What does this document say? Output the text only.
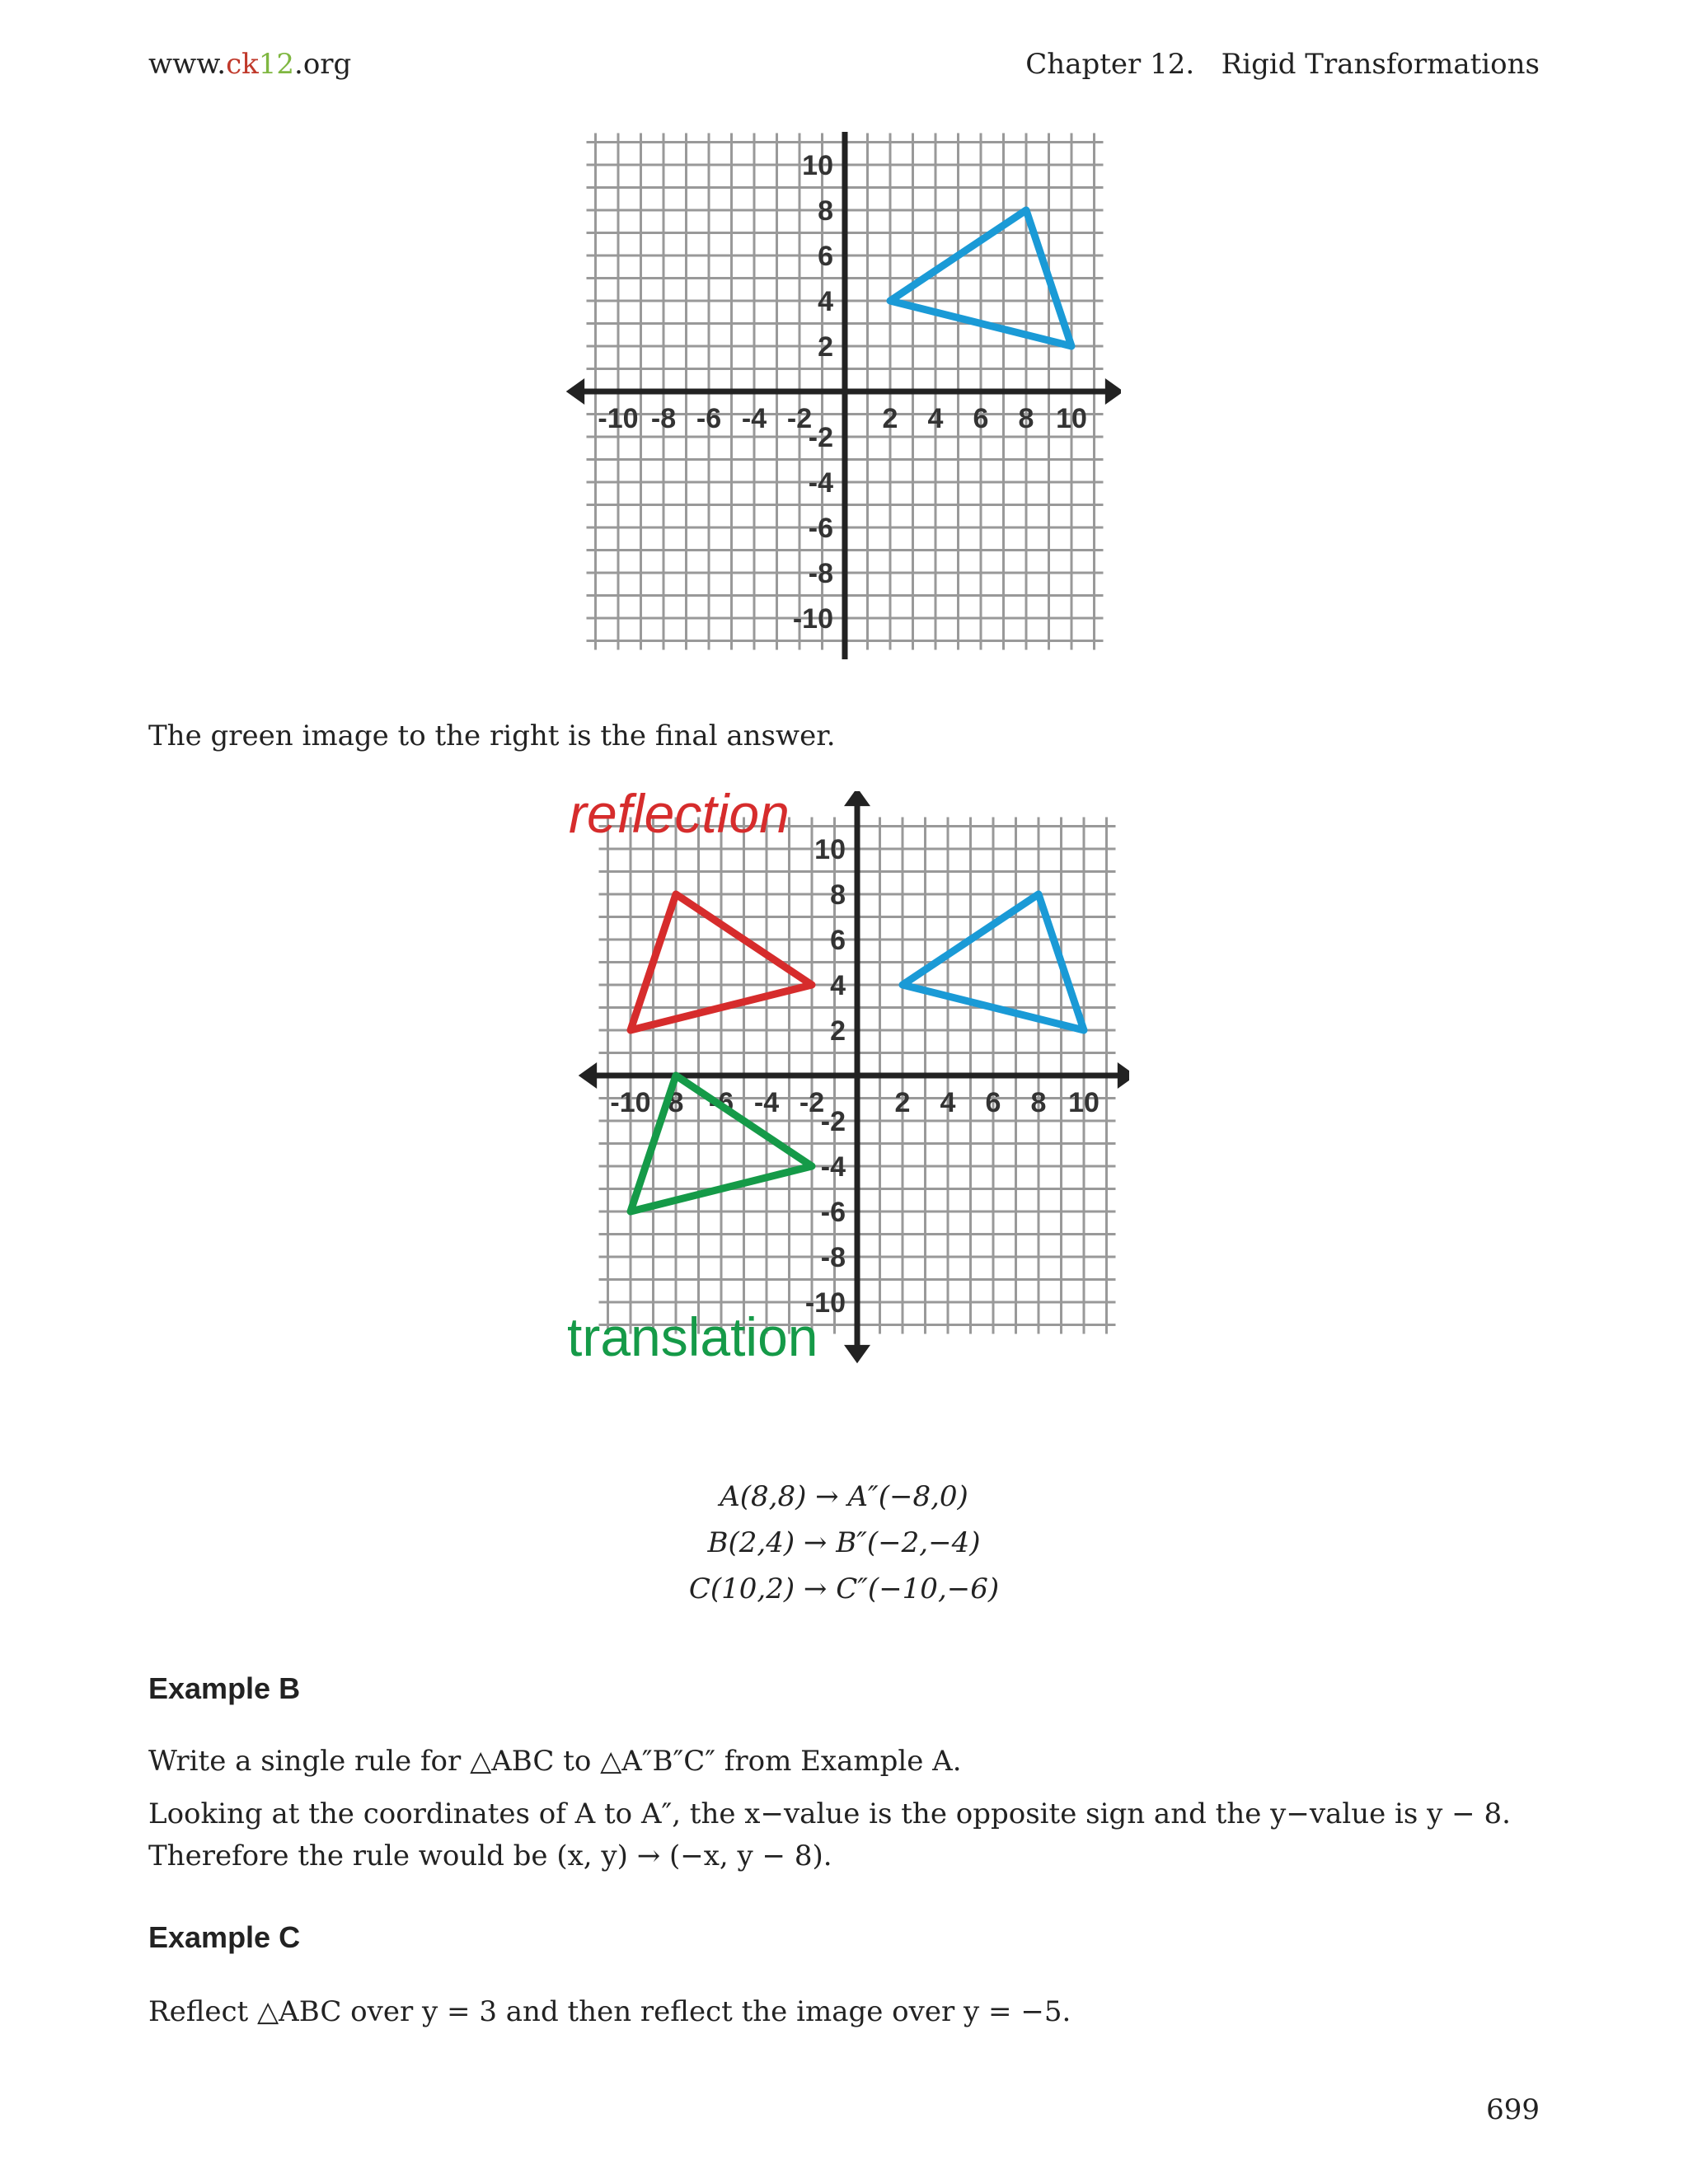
www.ck12.org	Chapter 12. Rigid Transformations
-10 -8 -6 -4 -2	2 4 6 8 10
10
8
6
4
2
-2
-4
-6
-8
-10
The green image to the right is the final answer.
-10 8 -6 -4 -2	2 4 6 8 10
10
8
6
4
2
-2
-4
-6
-8
-10
reflection
translation
A(8,8) → A″(−8,0)
B(2,4) → B″(−2,−4)
C(10,2) → C″(−10,−6)
Example B
Write a single rule for △ABC to △A″B″C″ from Example A.
Looking at the coordinates of A to A″, the x−value is the opposite sign and the y−value is y − 8. Therefore the rule would be (x, y) → (−x, y − 8).
Example C
Reflect △ABC over y = 3 and then reflect the image over y = −5.
699
